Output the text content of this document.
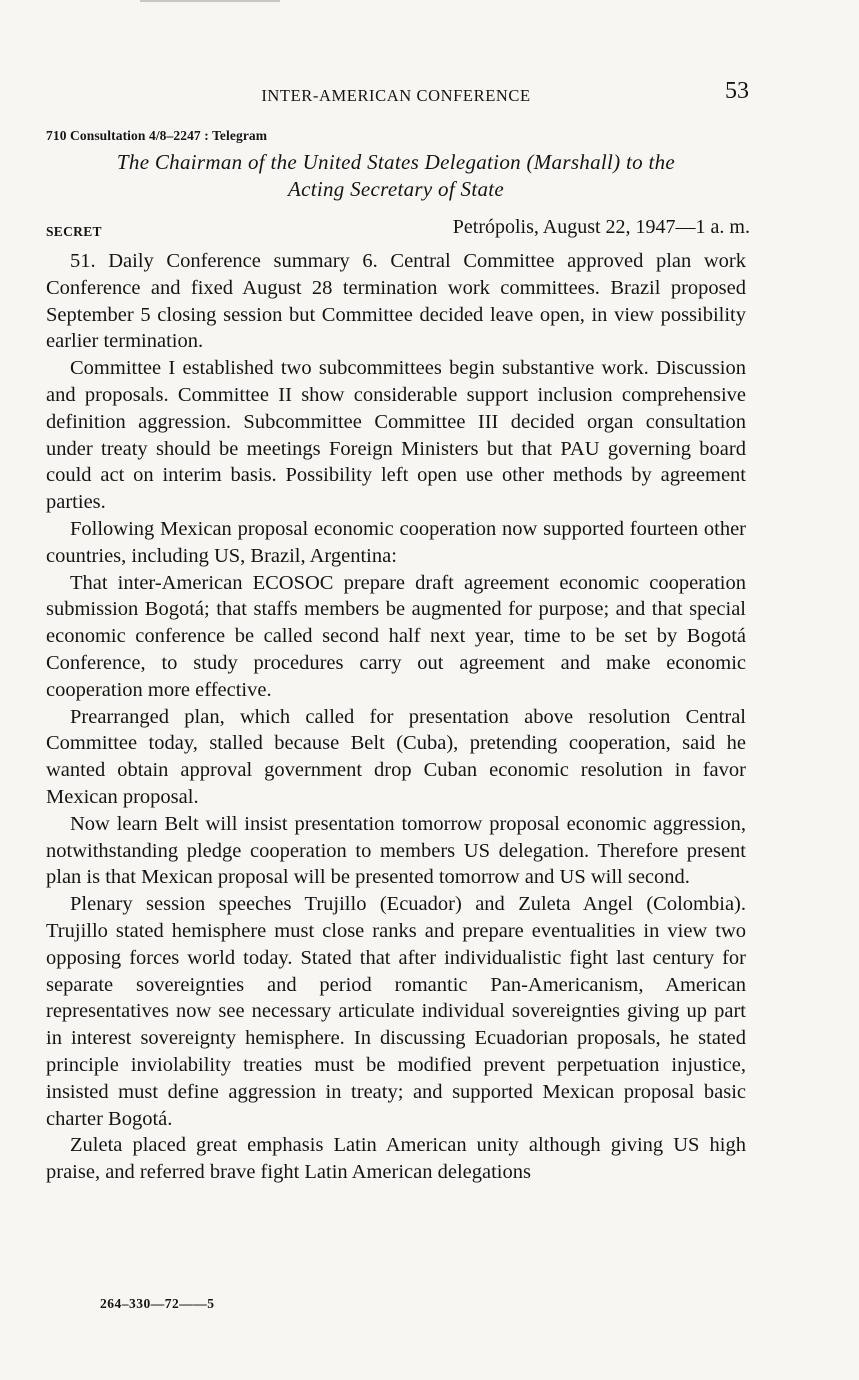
INTER-AMERICAN CONFERENCE	53
710 Consultation 4/8–2247 : Telegram
The Chairman of the United States Delegation (Marshall) to the
Acting Secretary of State
SECRET	Petrópolis, August 22, 1947—1 a. m.

51. Daily Conference summary 6. Central Committee approved plan work Conference and fixed August 28 termination work committees. Brazil proposed September 5 closing session but Committee decided leave open, in view possibility earlier termination.

Committee I established two subcommittees begin substantive work. Discussion and proposals. Committee II show considerable support inclusion comprehensive definition aggression. Subcommittee Committee III decided organ consultation under treaty should be meetings Foreign Ministers but that PAU governing board could act on interim basis. Possibility left open use other methods by agreement parties.

Following Mexican proposal economic cooperation now supported fourteen other countries, including US, Brazil, Argentina:

That inter-American ECOSOC prepare draft agreement economic cooperation submission Bogotá; that staffs members be augmented for purpose; and that special economic conference be called second half next year, time to be set by Bogotá Conference, to study procedures carry out agreement and make economic cooperation more effective.

Prearranged plan, which called for presentation above resolution Central Committee today, stalled because Belt (Cuba), pretending cooperation, said he wanted obtain approval government drop Cuban economic resolution in favor Mexican proposal.

Now learn Belt will insist presentation tomorrow proposal economic aggression, notwithstanding pledge cooperation to members US delegation. Therefore present plan is that Mexican proposal will be presented tomorrow and US will second.

Plenary session speeches Trujillo (Ecuador) and Zuleta Angel (Colombia). Trujillo stated hemisphere must close ranks and prepare eventualities in view two opposing forces world today. Stated that after individualistic fight last century for separate sovereignties and period romantic Pan-Americanism, American representatives now see necessary articulate individual sovereignties giving up part in interest sovereignty hemisphere. In discussing Ecuadorian proposals, he stated principle inviolability treaties must be modified prevent perpetuation injustice, insisted must define aggression in treaty; and supported Mexican proposal basic charter Bogotá.

Zuleta placed great emphasis Latin American unity although giving US high praise, and referred brave fight Latin American delegations

264–330—72——5
